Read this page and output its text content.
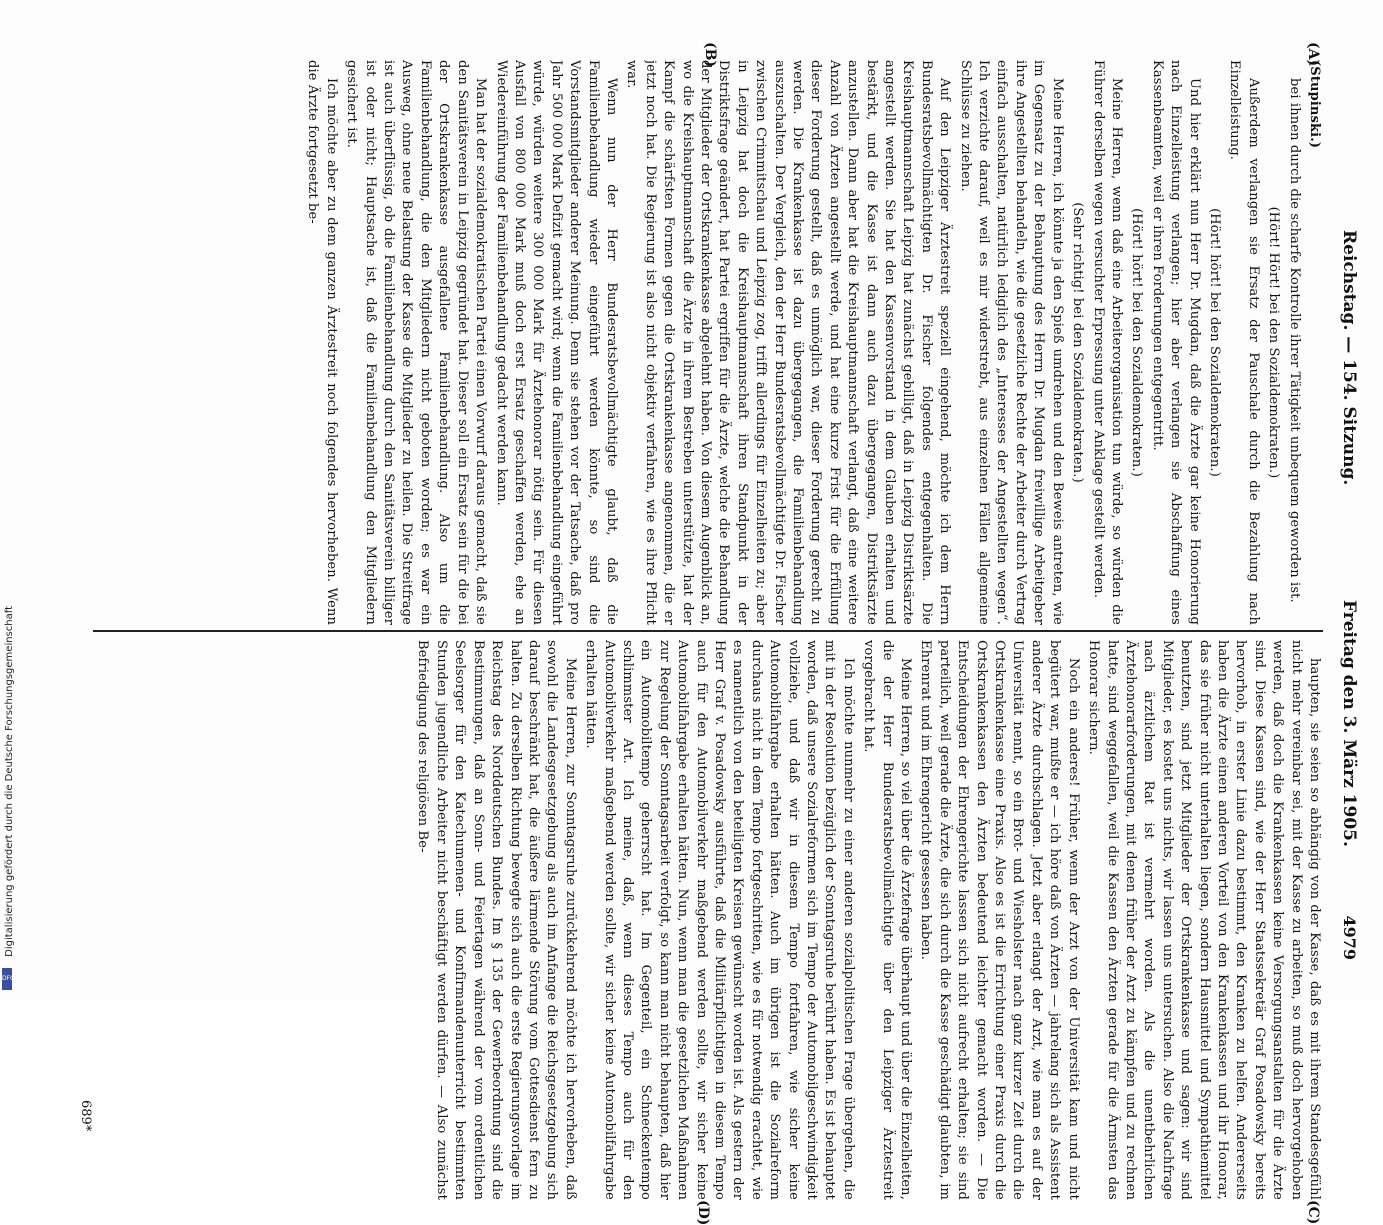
Reichstag. — 154. Sitzung.
Freitag den 3. März 1905.
4979
(A)
(B)
(C)
(D)

(Stupinski.)

bei ihnen durch die scharfe Kontrolle ihrer Tätigkeit unbequem geworden ist.

(Hört! Hört! bei den Sozialdemokraten.)

Außerdem verlangen sie Ersatz der Pauschale durch die Bezahlung nach Einzelleistung.

(Hört! hört! bei den Sozialdemokraten.)

Und hier erklärt nun Herr Dr. Mugdan, daß die Ärzte gar keine Honorierung nach Einzelleistung verlangen; hier aber verlangen sie Abschaffung eines Kassenbeamten, weil er ihren Forderungen entgegentritt.

(Hört! hört! bei den Sozialdemokraten.)

Meine Herren, wenn daß eine Arbeiterorganisation tun würde, so würden die Führer derselben wegen versuchter Erpressung unter Anklage gestellt werden.

(Sehr richtig! bei den Sozialdemokraten.)

Meine Herren, ich könnte ja den Spieß umdrehen und den Beweis antreten, wie im Gegensatz zu der Behauptung des Herrn Dr. Mugdan freiwillige Arbeitgeber ihre Angestellten behandeln, wie die gesetzliche Rechte der Arbeiter durch Vertrag einfach ausschalten, natürlich lediglich des „Interesses der Angestellten wegen“. Ich verzichte darauf, weil es mir widerstrebt, aus einzelnen Fällen allgemeine Schlüsse zu ziehen.

Auf den Leipziger Ärztestreit speziell eingehend, möchte ich dem Herrn Bundesratsbevollmächtigten Dr. Fischer folgendes entgegenhalten. Die Kreishauptmannschaft Leipzig hat zunächst gebilligt, daß in Leipzig Distriktsärzte angestellt werden. Sie hat den Kassenvorstand in dem Glauben erhalten und bestärkt, und die Kasse ist dann auch dazu übergegangen, Distriktsärzte anzustellen. Dann aber hat die Kreishauptmannschaft verlangt, daß eine weitere Anzahl von Ärzten angestellt werde, und hat eine kurze Frist für die Erfüllung dieser Forderung gestellt, daß es unmöglich war, dieser Forderung gerecht zu werden. Die Krankenkasse ist dazu übergegangen, die Familienbehandlung auszuschalten. Der Vergleich, den der Herr Bundesratsbevollmächtigte Dr. Fischer zwischen Crimmitschau und Leipzig zog, trifft allerdings für Einzelheiten zu; aber in Leipzig hat doch die Kreishauptmannschaft ihren Standpunkt in der Distriktsfrage geändert, hat Partei ergriffen für die Ärzte, welche die Behandlung der Mitglieder der Ortskrankenkasse abgelehnt haben. Von diesem Augenblick an, wo die Kreishauptmannschaft die Ärzte in ihrem Bestreben unterstützte, hat der Kampf die schärfsten Formen gegen die Ortskrankenkasse angenommen, die er jetzt noch hat. Die Regierung ist also nicht objektiv verfahren, wie es ihre Pflicht war.

Wenn nun der Herr Bundesratsbevollmächtigte glaubt, daß die Familienbehandlung wieder eingeführt werden könnte, so sind die Vorstandsmitglieder anderer Meinung. Denn sie stehen vor der Tatsache, daß pro Jahr 500 000 Mark Defizit gemacht wird; wenn die Familienbehandlung eingeführt würde, würden weitere 300 000 Mark für Ärztehonorar nötig sein. Für diesen Ausfall von 800 000 Mark muß doch erst Ersatz geschaffen werden, ehe an Wiedereinführung der Familienbehandlung gedacht werden kann.

Man hat der sozialdemokratischen Partei einen Vorwurf daraus gemacht, daß sie den Sanitätsverein in Leipzig gegründet hat. Dieser soll ein Ersatz sein für die bei der Ortskrankenkasse ausgefallene Familienbehandlung. Also um die Familienbehandlung, die den Mitgliedern nicht geboten worden; es war ein Ausweg, ohne neue Belastung der Kasse die Mitglieder zu heilen. Die Streitfrage ist auch überflüssig, ob die Familienbehandlung durch den Sanitätsverein billiger ist oder nicht; Hauptsache ist, daß die Familienbehandlung den Mitgliedern gesichert ist.

Ich möchte aber zu dem ganzen Ärztestreit noch folgendes hervorheben. Wenn die Ärzte fortgesetzt be-

haupten, sie seien so abhängig von der Kasse, daß es mit ihrem Standesgefühl nicht mehr vereinbar sei, mit der Kasse zu arbeiten, so muß doch hervorgehoben werden, daß doch die Krankenkassen keine Versorgungsanstalten für die Ärzte sind. Diese Kassen sind, wie der Herr Staatssekretär Graf Posadowsky bereits hervorhob, in erster Linie dazu bestimmt, den Kranken zu helfen. Andererseits haben die Ärzte einen anderen Vorteil von den Krankenkassen und ihr Honorar, das sie früher nicht unterhalten liegen, sondern Hausmittel und Sympathiemittel benutzten, sind jetzt Mitglieder der Ortskrankenkasse und sagen: wir sind Mitglieder, es kostet uns nichts, wir lassen uns untersuchen. Also die Nachfrage nach ärztlichem Rat ist vermehrt worden. Als die unentbehrlichen Ärztehonorarforderungen, mit denen früher der Arzt zu kämpfen und zu rechnen hatte, sind weggefallen, weil die Kassen den Ärzten gerade für die Ärmsten das Honorar sichern.

Noch ein anderes! Früher, wenn der Arzt von der Universität kam und nicht begütert war, mußte er — ich höre daß von Ärzten — jahrelang sich als Assistent anderer Ärzte durchschlagen. Jetzt aber erlangt der Arzt, wie man es auf der Universität nennt, so ein Brot- und Wiesholster nach ganz kurzer Zeit durch die Ortskrankenkasse eine Praxis. Also es ist die Errichtung einer Praxis durch die Ortskrankenkassen den Ärzten bedeutend leichter gemacht worden. — Die Entscheidungen der Ehrengerichte lassen sich nicht aufrecht erhalten; sie sind parteilich, weil gerade die Ärzte, die sich durch die Kasse geschädigt glaubten, im Ehrenrat und im Ehrengericht gesessen haben.

Meine Herren, so viel über die Ärztefrage überhaupt und über die Einzelheiten, die der Herr Bundesratsbevollmächtigte über den Leipziger Ärztestreit vorgebracht hat.

Ich möchte nunmehr zu einer anderen sozialpolitischen Frage übergehen, die mit in der Resolution bezüglich der Sonntagsruhe berührt haben. Es ist behauptet worden, daß unsere Sozialreformen sich im Tempo der Automobilgeschwindigkeit vollziehe, und daß wir in diesem Tempo fortfahren, wie sicher keine Automobilfahrgabe erhalten hätten. Auch im übrigen ist die Sozialreform durchaus nicht in dem Tempo fortgeschritten, wie es für notwendig erachtet, wie es namentlich von den beteiligten Kreisen gewünscht worden ist. Als gestern der Herr Graf v. Posadowsky ausführte, daß die Militärpflichtigen in diesem Tempo auch für den Automobilverkehr maßgebend werden sollte, wir sicher keine Automobilfahrgabe erhalten hätten. Nun, wenn man die gesetzlichen Maßnahmen zur Regelung der Sonntagsarbeit verfolgt, so kann man nicht behaupten, daß hier ein Automobiltempo geherrscht hat. Im Gegenteil, ein Schneckentempo schlimmster Art. Ich meine, daß, wenn dieses Tempo auch für den Automobilverkehr maßgebend werden sollte, wir sicher keine Automobilfahrgabe erhalten hätten.

Meine Herren, zur Sonntagsruhe zurückkehrend möchte ich hervorheben, daß sowohl die Landesgesetzgebung als auch im Anfange die Reichsgesetzgebung sich darauf beschränkt hat, die äußere lärmende Störung vom Gottesdienst fern zu halten. Zu derselben Richtung bewegte sich auch die erste Regierungsvorlage im Reichstag des Norddeutschen Bundes. Im § 135 der Gewerbeordnung sind die Bestimmungen, daß an Sonn- und Feiertagen während der vom ordentlichen Seelsorger für den Katechumenen- und Konfirmandenunterricht bestimmten Stunden jugendliche Arbeiter nicht beschäftigt werden dürfen. — Also zunächst Befriedigung des religiösen Be-

689*
Digitalisierung gefördert durch die Deutsche Forschungsgemeinschaft
DFG
